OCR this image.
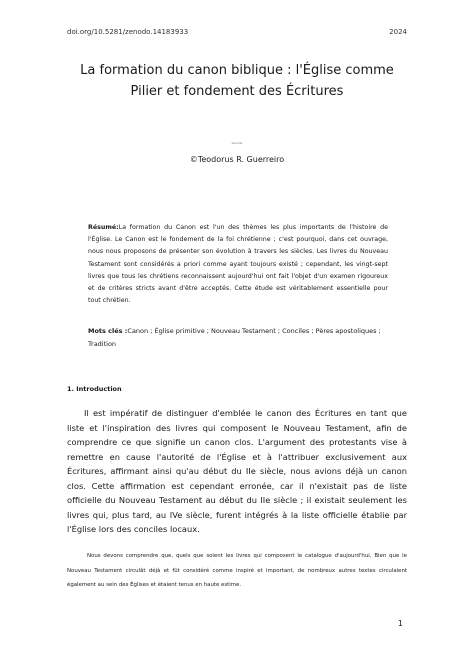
doi.org/10.5281/zenodo.14183933	2024
La formation du canon biblique : l'Église comme
Pilier et fondement des Écritures
zenodo
©Teodorus R. Guerreiro
Résumé:La formation du Canon est l'un des thèmes les plus importants de l'histoire de l'Église. Le Canon est le fondement de la foi chrétienne ; c'est pourquoi, dans cet ouvrage, nous nous proposons de présenter son évolution à travers les siècles. Les livres du Nouveau Testament sont considérés a priori comme ayant toujours existé ; cependant, les vingt-sept livres que tous les chrétiens reconnaissent aujourd'hui ont fait l'objet d'un examen rigoureux et de critères stricts avant d'être acceptés. Cette étude est véritablement essentielle pour tout chrétien.
Mots clés :Canon ; Église primitive ; Nouveau Testament ; Conciles ; Pères apostoliques ; Tradition
1. Introduction
Il est impératif de distinguer d'emblée le canon des Écritures en tant que liste et l'inspiration des livres qui composent le Nouveau Testament, afin de comprendre ce que signifie un canon clos. L'argument des protestants vise à remettre en cause l'autorité de l'Église et à l'attribuer exclusivement aux Écritures, affirmant ainsi qu'au début du IIe siècle, nous avions déjà un canon clos. Cette affirmation est cependant erronée, car il n'existait pas de liste officielle du Nouveau Testament au début du IIe siècle ; il existait seulement les livres qui, plus tard, au IVe siècle, furent intégrés à la liste officielle établie par l'Église lors des conciles locaux.
Nous devons comprendre que, quels que soient les livres qui composent le catalogue d'aujourd'hui, Bien que le Nouveau Testament circulât déjà et fût considéré comme inspiré et important, de nombreux autres textes circulaient également au sein des Églises et étaient tenus en haute estime.
1
